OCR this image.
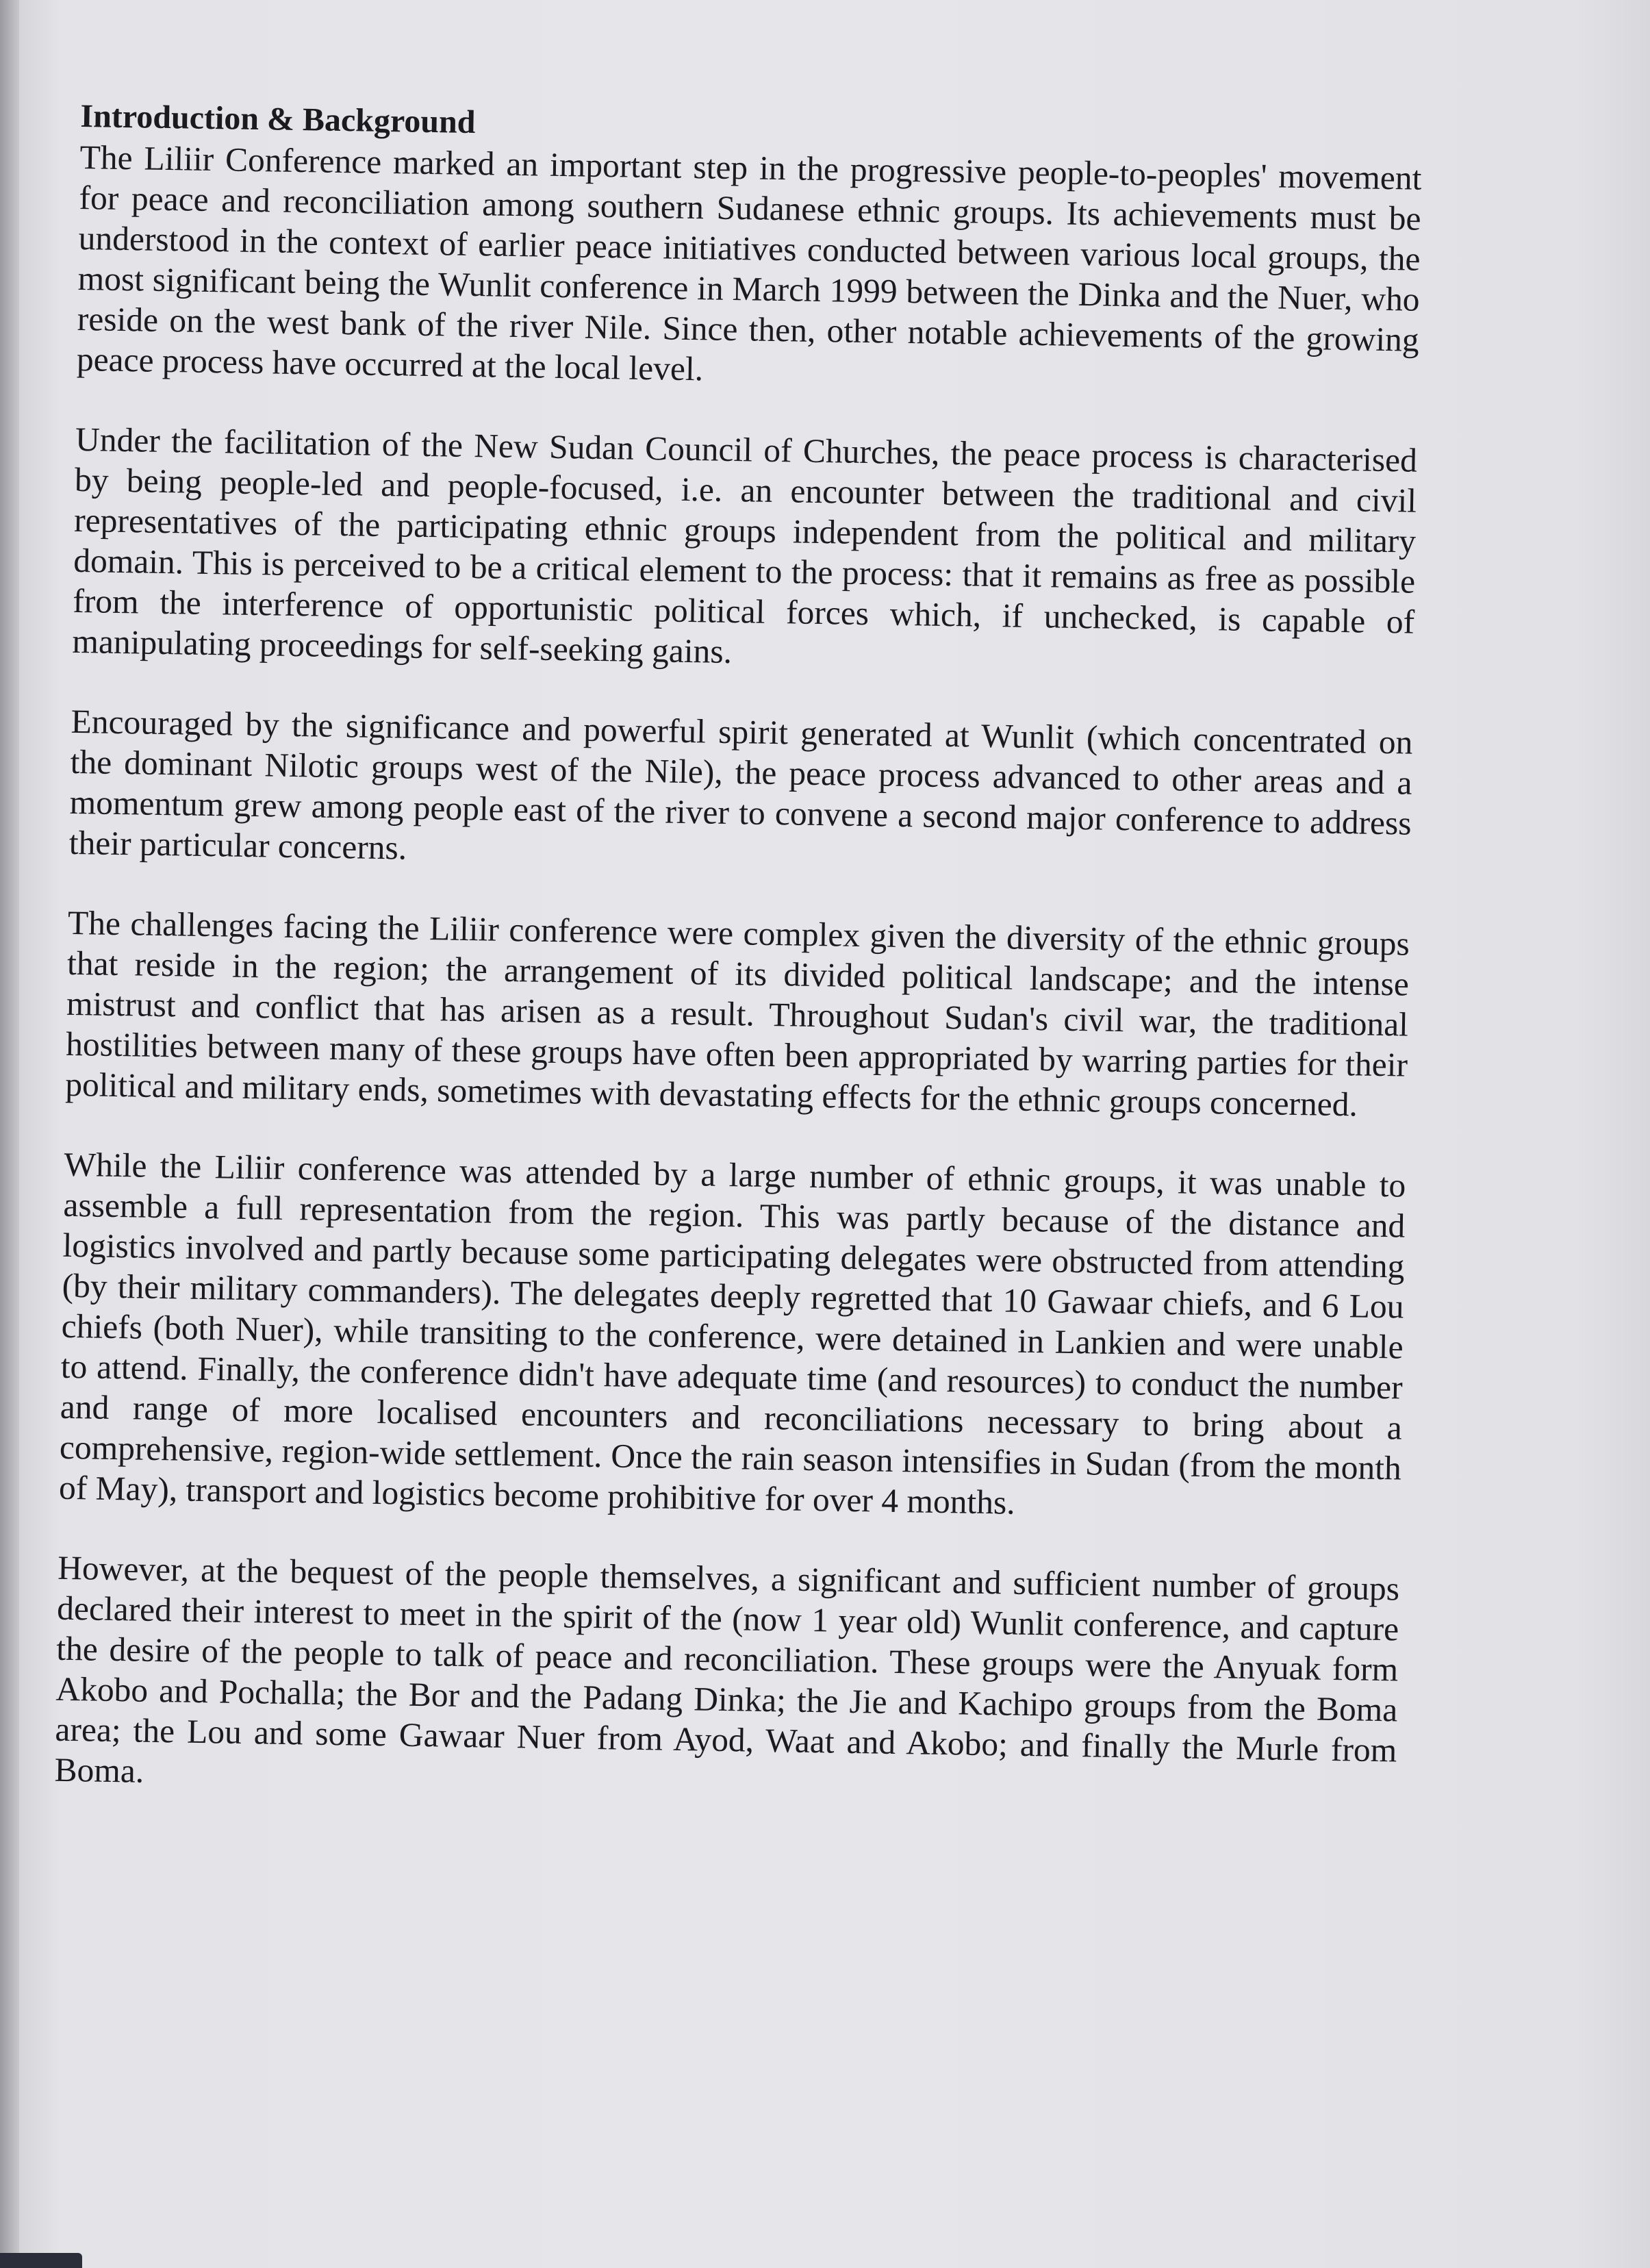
Introduction & Background

The Liliir Conference marked an important step in the progressive people-to-peoples' movement for peace and reconciliation among southern Sudanese ethnic groups. Its achievements must be understood in the context of earlier peace initiatives conducted between various local groups, the most significant being the Wunlit conference in March 1999 between the Dinka and the Nuer, who reside on the west bank of the river Nile. Since then, other notable achievements of the growing peace process have occurred at the local level.

Under the facilitation of the New Sudan Council of Churches, the peace process is characterised by being people-led and people-focused, i.e. an encounter between the traditional and civil representatives of the participating ethnic groups independent from the political and military domain. This is perceived to be a critical element to the process: that it remains as free as possible from the interference of opportunistic political forces which, if unchecked, is capable of manipulating proceedings for self-seeking gains.

Encouraged by the significance and powerful spirit generated at Wunlit (which concentrated on the dominant Nilotic groups west of the Nile), the peace process advanced to other areas and a momentum grew among people east of the river to convene a second major conference to address their particular concerns.

The challenges facing the Liliir conference were complex given the diversity of the ethnic groups that reside in the region; the arrangement of its divided political landscape; and the intense mistrust and conflict that has arisen as a result. Throughout Sudan's civil war, the traditional hostilities between many of these groups have often been appropriated by warring parties for their political and military ends, sometimes with devastating effects for the ethnic groups concerned.

While the Liliir conference was attended by a large number of ethnic groups, it was unable to assemble a full representation from the region. This was partly because of the distance and logistics involved and partly because some participating delegates were obstructed from attending (by their military commanders). The delegates deeply regretted that 10 Gawaar chiefs, and 6 Lou chiefs (both Nuer), while transiting to the conference, were detained in Lankien and were unable to attend. Finally, the conference didn't have adequate time (and resources) to conduct the number and range of more localised encounters and reconciliations necessary to bring about a comprehensive, region-wide settlement. Once the rain season intensifies in Sudan (from the month of May), transport and logistics become prohibitive for over 4 months.

However, at the bequest of the people themselves, a significant and sufficient number of groups declared their interest to meet in the spirit of the (now 1 year old) Wunlit conference, and capture the desire of the people to talk of peace and reconciliation. These groups were the Anyuak form Akobo and Pochalla; the Bor and the Padang Dinka; the Jie and Kachipo groups from the Boma area; the Lou and some Gawaar Nuer from Ayod, Waat and Akobo; and finally the Murle from Boma.
